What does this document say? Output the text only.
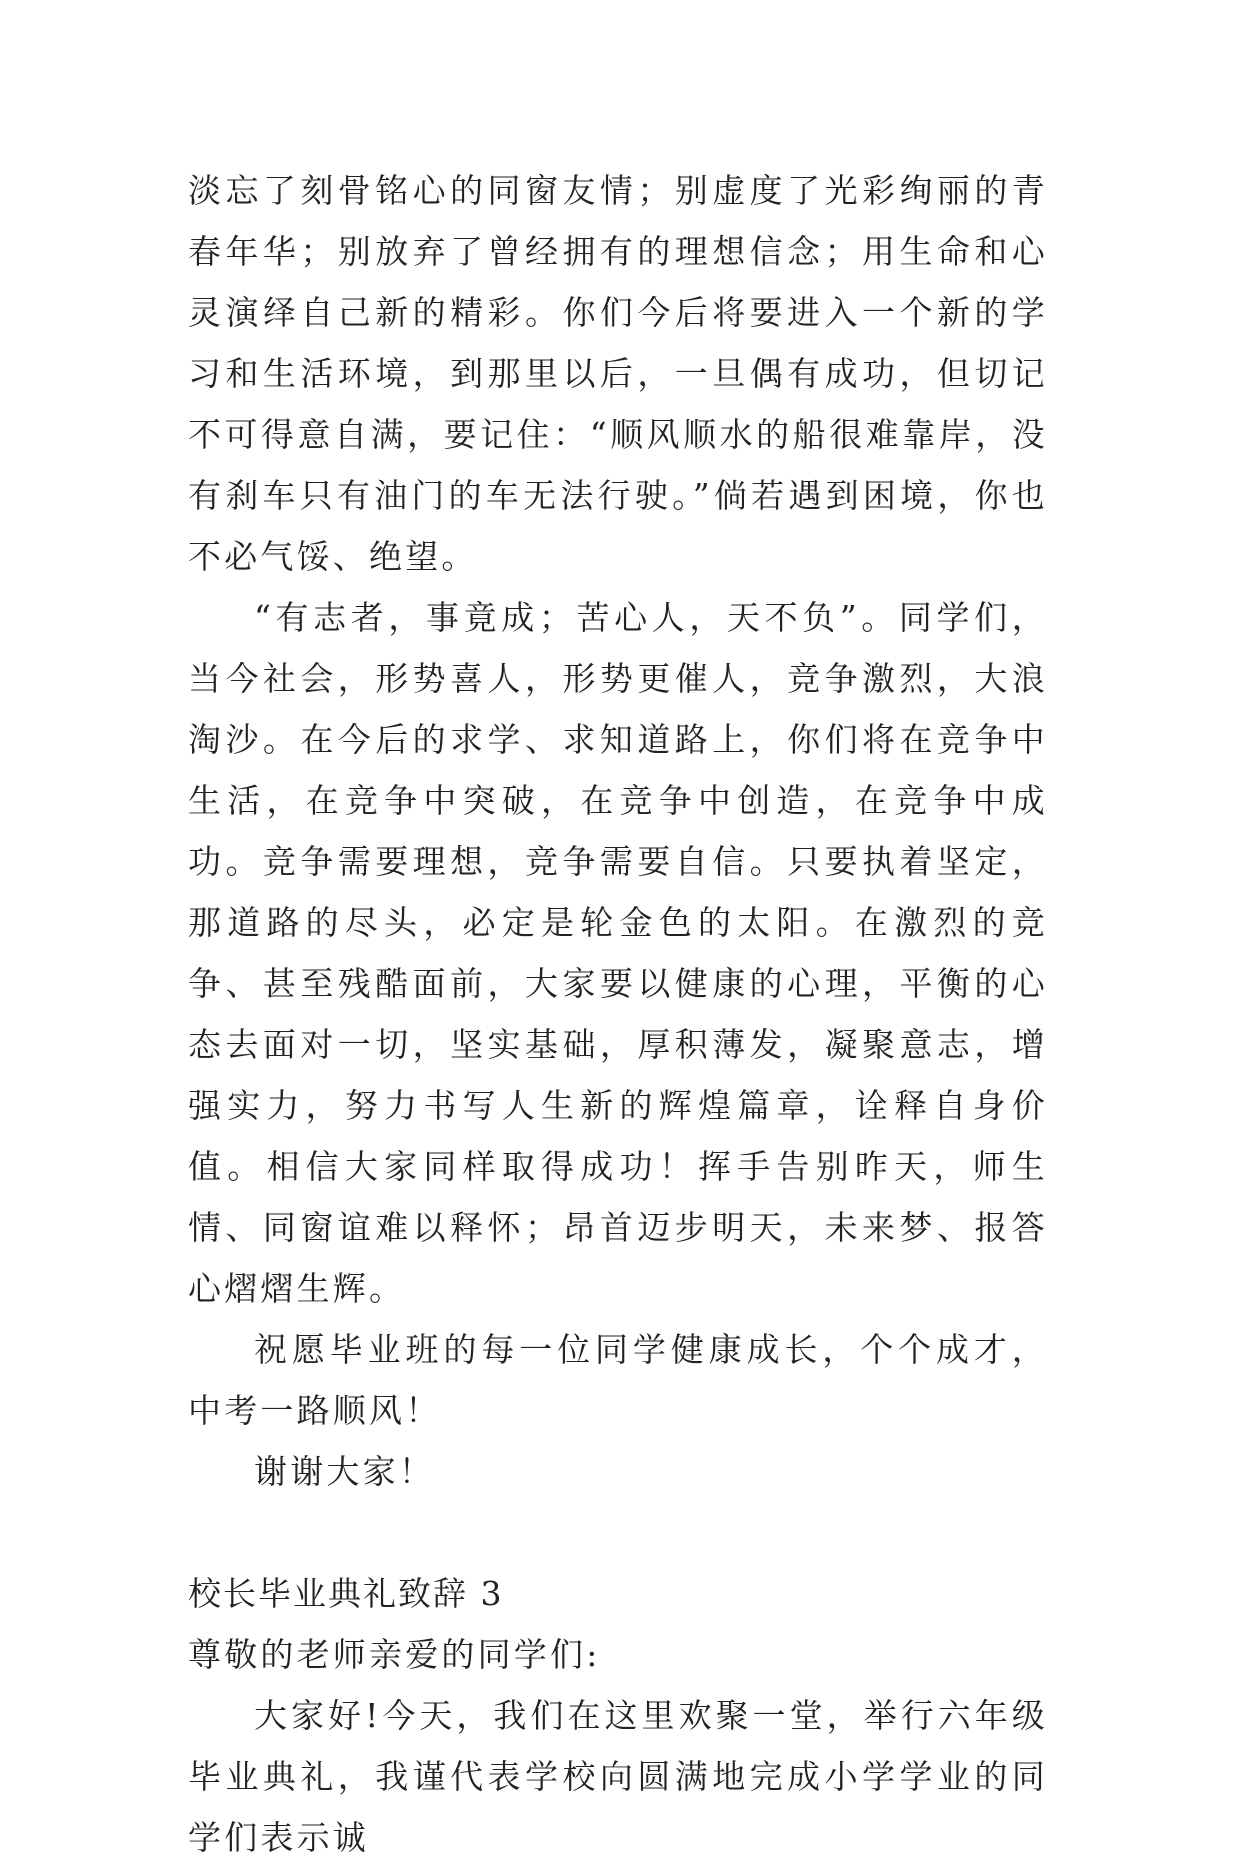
淡忘了刻骨铭心的同窗友情；别虚度了光彩绚丽的青春年华；别放弃了曾经拥有的理想信念；用生命和心灵演绎自己新的精彩。你们今后将要进入一个新的学习和生活环境，到那里以后，一旦偶有成功，但切记不可得意自满，要记住：“顺风顺水的船很难靠岸，没有刹车只有油门的车无法行驶。”倘若遇到困境，你也不必气馁、绝望。

“有志者，事竟成；苦心人，天不负”。同学们，当今社会，形势喜人，形势更催人，竞争激烈，大浪淘沙。在今后的求学、求知道路上，你们将在竞争中生活，在竞争中突破，在竞争中创造，在竞争中成功。竞争需要理想，竞争需要自信。只要执着坚定，那道路的尽头，必定是轮金色的太阳。在激烈的竞争、甚至残酷面前，大家要以健康的心理，平衡的心态去面对一切，坚实基础，厚积薄发，凝聚意志，增强实力，努力书写人生新的辉煌篇章，诠释自身价值。相信大家同样取得成功！挥手告别昨天，师生情、同窗谊难以释怀；昂首迈步明天，未来梦、报答心熠熠生辉。

祝愿毕业班的每一位同学健康成长，个个成才，中考一路顺风！

谢谢大家！

校长毕业典礼致辞 3

尊敬的老师亲爱的同学们:

大家好!今天，我们在这里欢聚一堂，举行六年级毕业典礼，我谨代表学校向圆满地完成小学学业的同学们表示诚
